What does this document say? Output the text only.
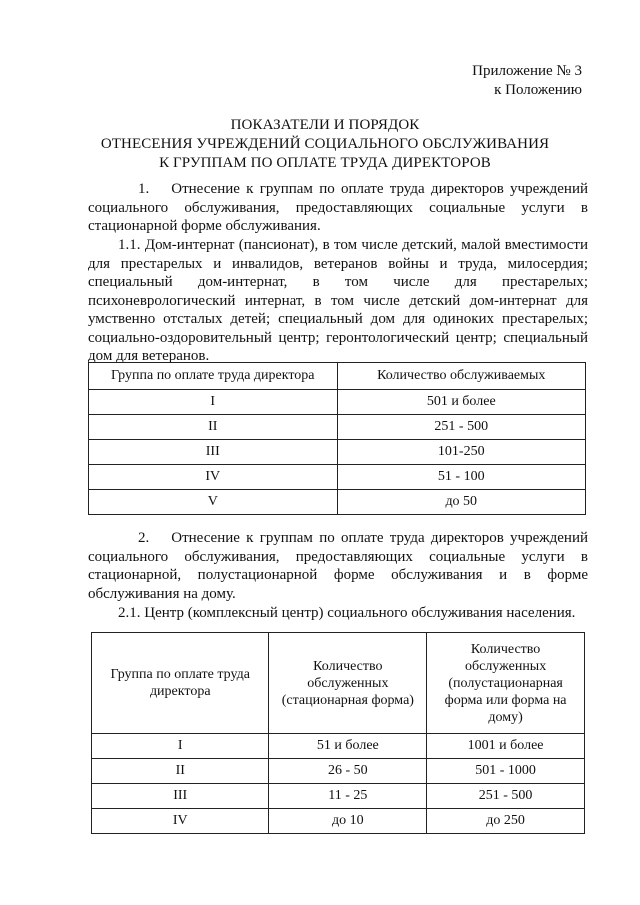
Приложение № 3
к Положению
ПОКАЗАТЕЛИ И ПОРЯДОК
ОТНЕСЕНИЯ УЧРЕЖДЕНИЙ СОЦИАЛЬНОГО ОБСЛУЖИВАНИЯ
К ГРУППАМ ПО ОПЛАТЕ ТРУДА ДИРЕКТОРОВ
1. Отнесение к группам по оплате труда директоров учреждений социального обслуживания, предоставляющих социальные услуги в стационарной форме обслуживания.
1.1. Дом-интернат (пансионат), в том числе детский, малой вместимости для престарелых и инвалидов, ветеранов войны и труда, милосердия; специальный дом-интернат, в том числе для престарелых; психоневрологический интернат, в том числе детский дом-интернат для умственно отсталых детей; специальный дом для одиноких престарелых; социально-оздоровительный центр; геронтологический центр; специальный дом для ветеранов.
Группа по оплате труда директора	Количество обслуживаемых
I	501 и более
II	251 - 500
III	101-250
IV	51 - 100
V	до 50
2. Отнесение к группам по оплате труда директоров учреждений социального обслуживания, предоставляющих социальные услуги в стационарной, полустационарной форме обслуживания и в форме обслуживания на дому.
2.1. Центр (комплексный центр) социального обслуживания населения.
Группа по оплате труда директора	Количество обслуженных (стационарная форма)	Количество обслуженных (полустационарная форма или форма на дому)
I	51 и более	1001 и более
II	26 - 50	501 - 1000
III	11 - 25	251 - 500
IV	до 10	до 250
